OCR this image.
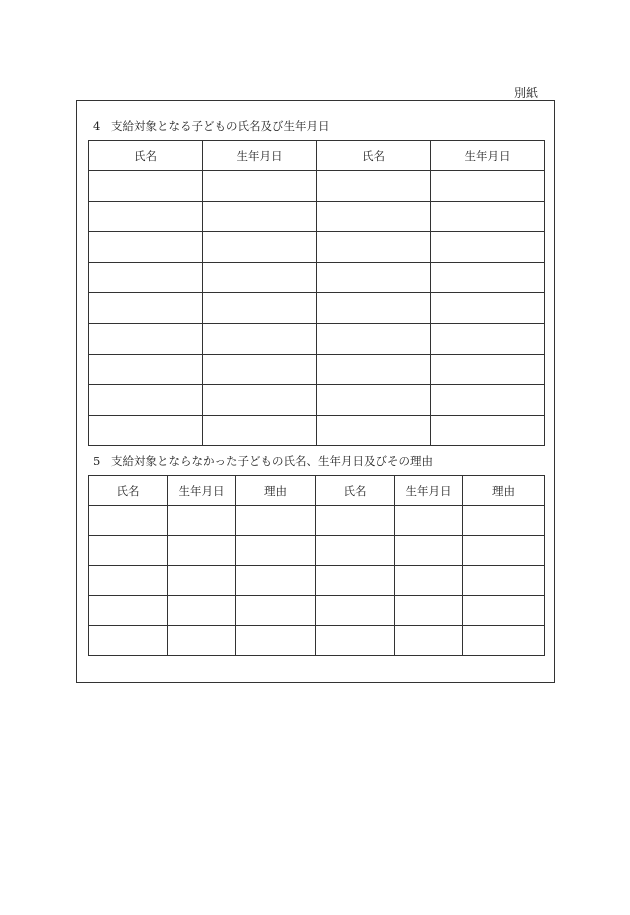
別紙
4 支給対象となる子どもの氏名及び生年月日
氏名	生年月日	氏名	生年月日

5 支給対象とならなかった子どもの氏名、生年月日及びその理由
氏名	生年月日	理由	氏名	生年月日	理由
